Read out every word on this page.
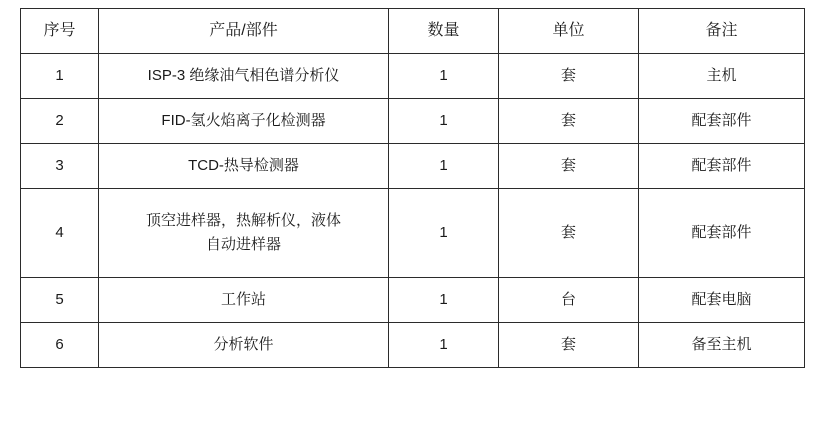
序号	产品/部件	数量	单位	备注
1	ISP-3 绝缘油气相色谱分析仪	1	套	主机
2	FID-氢火焰离子化检测器	1	套	配套部件
3	TCD-热导检测器	1	套	配套部件
4	顶空进样器，热解析仪，液体
自动进样器	1	套	配套部件
5	工作站	1	台	配套电脑
6	分析软件	1	套	备至主机
